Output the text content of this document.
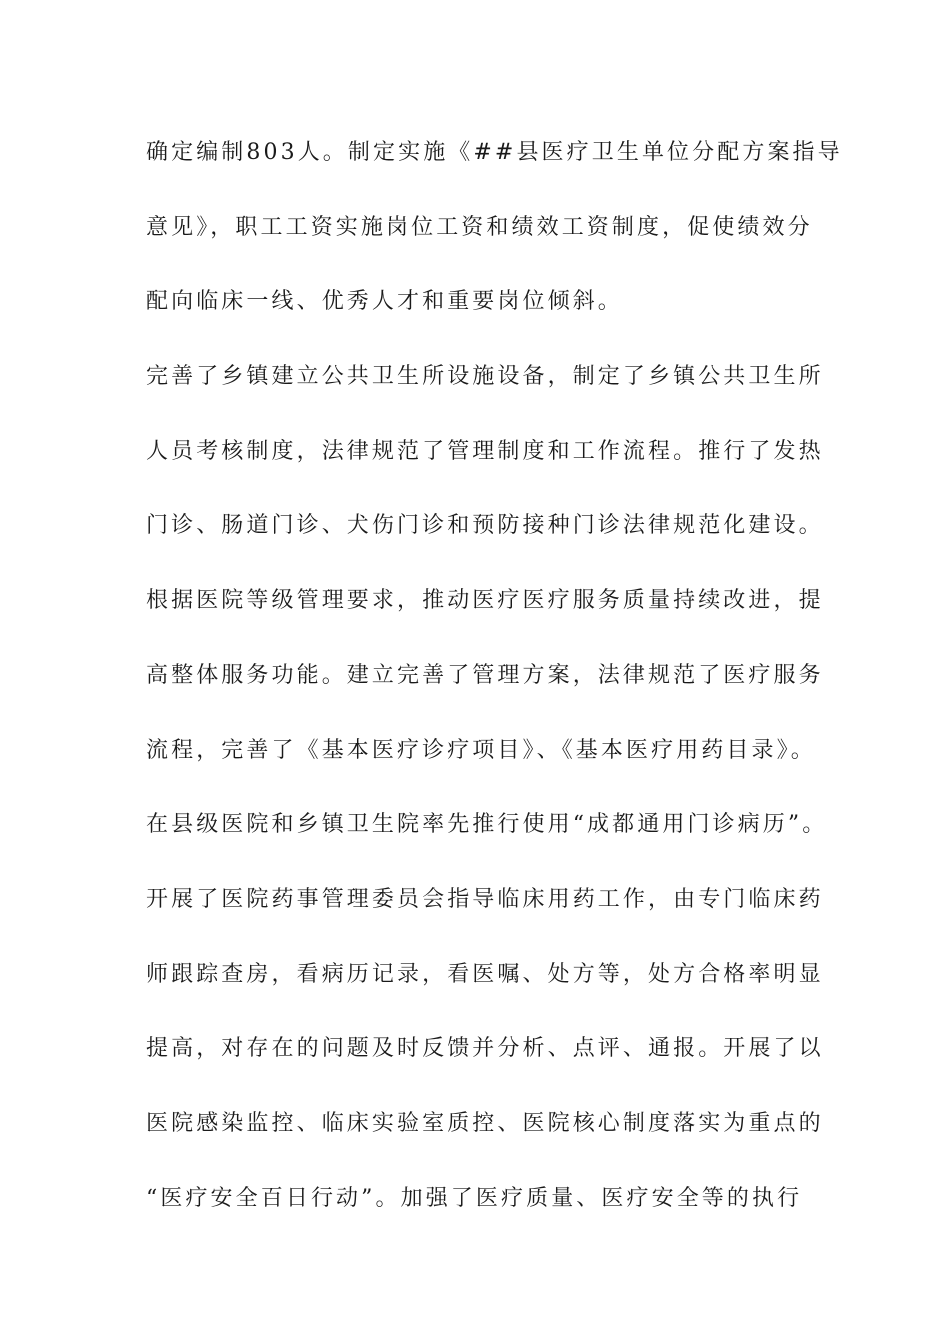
确定编制803人。制定实施《##县医疗卫生单位分配方案指导
意见》，职工工资实施岗位工资和绩效工资制度，促使绩效分
配向临床一线、优秀人才和重要岗位倾斜。
完善了乡镇建立公共卫生所设施设备，制定了乡镇公共卫生所
人员考核制度，法律规范了管理制度和工作流程。推行了发热
门诊、肠道门诊、犬伤门诊和预防接种门诊法律规范化建设。
根据医院等级管理要求，推动医疗医疗服务质量持续改进，提
高整体服务功能。建立完善了管理方案，法律规范了医疗服务
流程，完善了《基本医疗诊疗项目》、《基本医疗用药目录》。
在县级医院和乡镇卫生院率先推行使用“成都通用门诊病历”。
开展了医院药事管理委员会指导临床用药工作，由专门临床药
师跟踪查房，看病历记录，看医嘱、处方等，处方合格率明显
提高，对存在的问题及时反馈并分析、点评、通报。开展了以
医院感染监控、临床实验室质控、医院核心制度落实为重点的
“医疗安全百日行动”。加强了医疗质量、医疗安全等的执行
